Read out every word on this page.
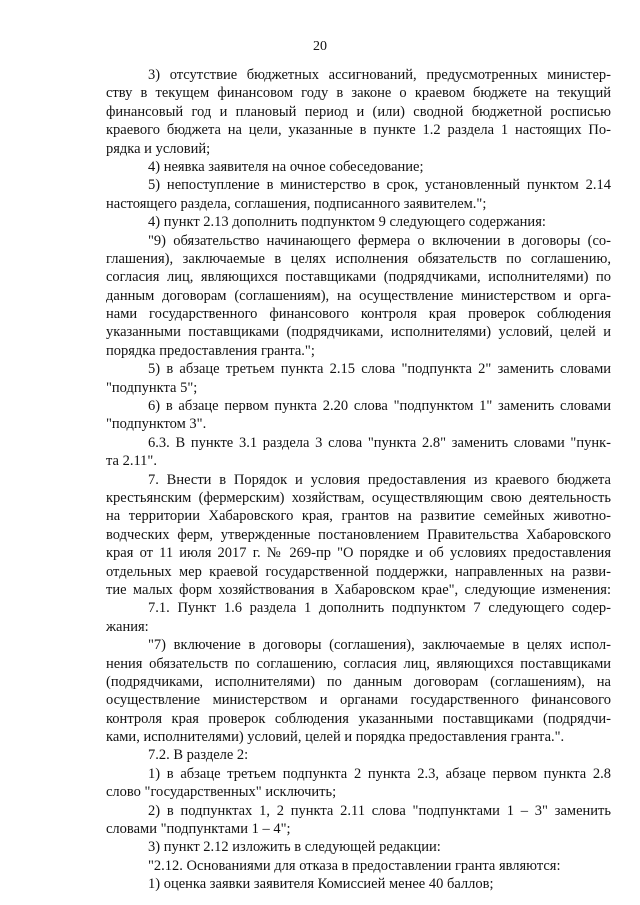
20

3) отсутствие бюджетных ассигнований, предусмотренных министер-
ству в текущем финансовом году в законе о краевом бюджете на текущий
финансовый год и плановый период и (или) сводной бюджетной росписью
краевого бюджета на цели, указанные в пункте 1.2 раздела 1 настоящих По-
рядка и условий;
4) неявка заявителя на очное собеседование;
5) непоступление в министерство в срок, установленный пунктом 2.14
настоящего раздела, соглашения, подписанного заявителем.";
4) пункт 2.13 дополнить подпунктом 9 следующего содержания:
"9) обязательство начинающего фермера о включении в договоры (со-
глашения), заключаемые в целях исполнения обязательств по соглашению,
согласия лиц, являющихся поставщиками (подрядчиками, исполнителями) по
данным договорам (соглашениям), на осуществление министерством и орга-
нами государственного финансового контроля края проверок соблюдения
указанными поставщиками (подрядчиками, исполнителями) условий, целей и
порядка предоставления гранта.";
5) в абзаце третьем пункта 2.15 слова "подпункта 2" заменить словами
"подпункта 5";
6) в абзаце первом пункта 2.20 слова "подпунктом 1" заменить словами
"подпунктом 3".
6.3. В пункте 3.1 раздела 3 слова "пункта 2.8" заменить словами "пунк-
та 2.11".
7. Внести в Порядок и условия предоставления из краевого бюджета
крестьянским (фермерским) хозяйствам, осуществляющим свою деятельность
на территории Хабаровского края, грантов на развитие семейных животно-
водческих ферм, утвержденные постановлением Правительства Хабаровского
края от 11 июля 2017 г. № 269-пр "О порядке и об условиях предоставления
отдельных мер краевой государственной поддержки, направленных на разви-
тие малых форм хозяйствования в Хабаровском крае", следующие изменения:
7.1. Пункт 1.6 раздела 1 дополнить подпунктом 7 следующего содер-
жания:
"7) включение в договоры (соглашения), заключаемые в целях испол-
нения обязательств по соглашению, согласия лиц, являющихся поставщиками
(подрядчиками, исполнителями) по данным договорам (соглашениям), на
осуществление министерством и органами государственного финансового
контроля края проверок соблюдения указанными поставщиками (подрядчи-
ками, исполнителями) условий, целей и порядка предоставления гранта.".
7.2. В разделе 2:
1) в абзаце третьем подпункта 2 пункта 2.3, абзаце первом пункта 2.8
слово "государственных" исключить;
2) в подпунктах 1, 2 пункта 2.11 слова "подпунктами 1 – 3" заменить
словами "подпунктами 1 – 4";
3) пункт 2.12 изложить в следующей редакции:
"2.12. Основаниями для отказа в предоставлении гранта являются:
1) оценка заявки заявителя Комиссией менее 40 баллов;
